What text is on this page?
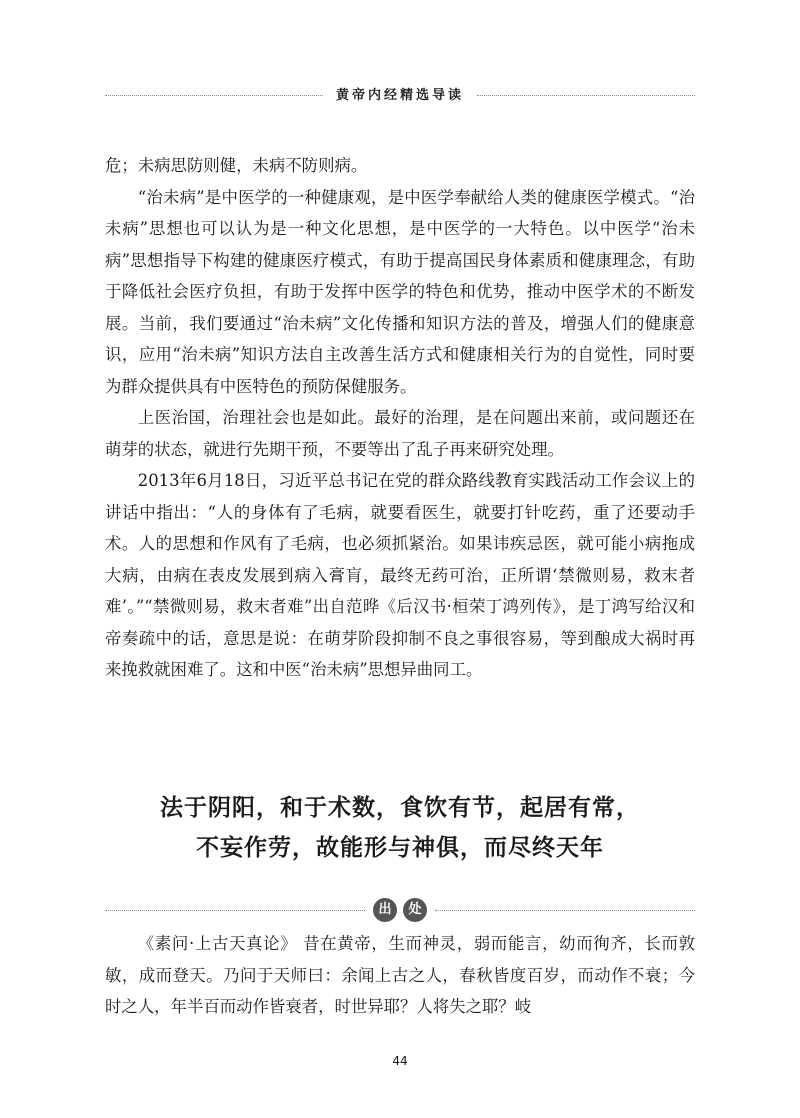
黄帝内经精选导读

危；未病思防则健，未病不防则病。

“治未病”是中医学的一种健康观，是中医学奉献给人类的健康医学模式。“治未病”思想也可以认为是一种文化思想，是中医学的一大特色。以中医学“治未病”思想指导下构建的健康医疗模式，有助于提高国民身体素质和健康理念，有助于降低社会医疗负担，有助于发挥中医学的特色和优势，推动中医学术的不断发展。当前，我们要通过“治未病”文化传播和知识方法的普及，增强人们的健康意识，应用“治未病”知识方法自主改善生活方式和健康相关行为的自觉性，同时要为群众提供具有中医特色的预防保健服务。

上医治国，治理社会也是如此。最好的治理，是在问题出来前，或问题还在萌芽的状态，就进行先期干预，不要等出了乱子再来研究处理。

2013年6月18日，习近平总书记在党的群众路线教育实践活动工作会议上的讲话中指出：“人的身体有了毛病，就要看医生，就要打针吃药，重了还要动手术。人的思想和作风有了毛病，也必须抓紧治。如果讳疾忌医，就可能小病拖成大病，由病在表皮发展到病入膏肓，最终无药可治，正所谓‘禁微则易，救末者难’。”“禁微则易，救末者难”出自范晔《后汉书·桓荣丁鸿列传》，是丁鸿写给汉和帝奏疏中的话，意思是说：在萌芽阶段抑制不良之事很容易，等到酿成大祸时再来挽救就困难了。这和中医“治未病”思想异曲同工。

法于阴阳，和于术数，食饮有节，起居有常，
不妄作劳，故能形与神俱，而尽终天年
出	处

《素问·上古天真论》 昔在黄帝，生而神灵，弱而能言，幼而徇齐，长而敦敏，成而登天。乃问于天师曰：余闻上古之人，春秋皆度百岁，而动作不衰；今时之人，年半百而动作皆衰者，时世异耶？人将失之耶？岐

44
